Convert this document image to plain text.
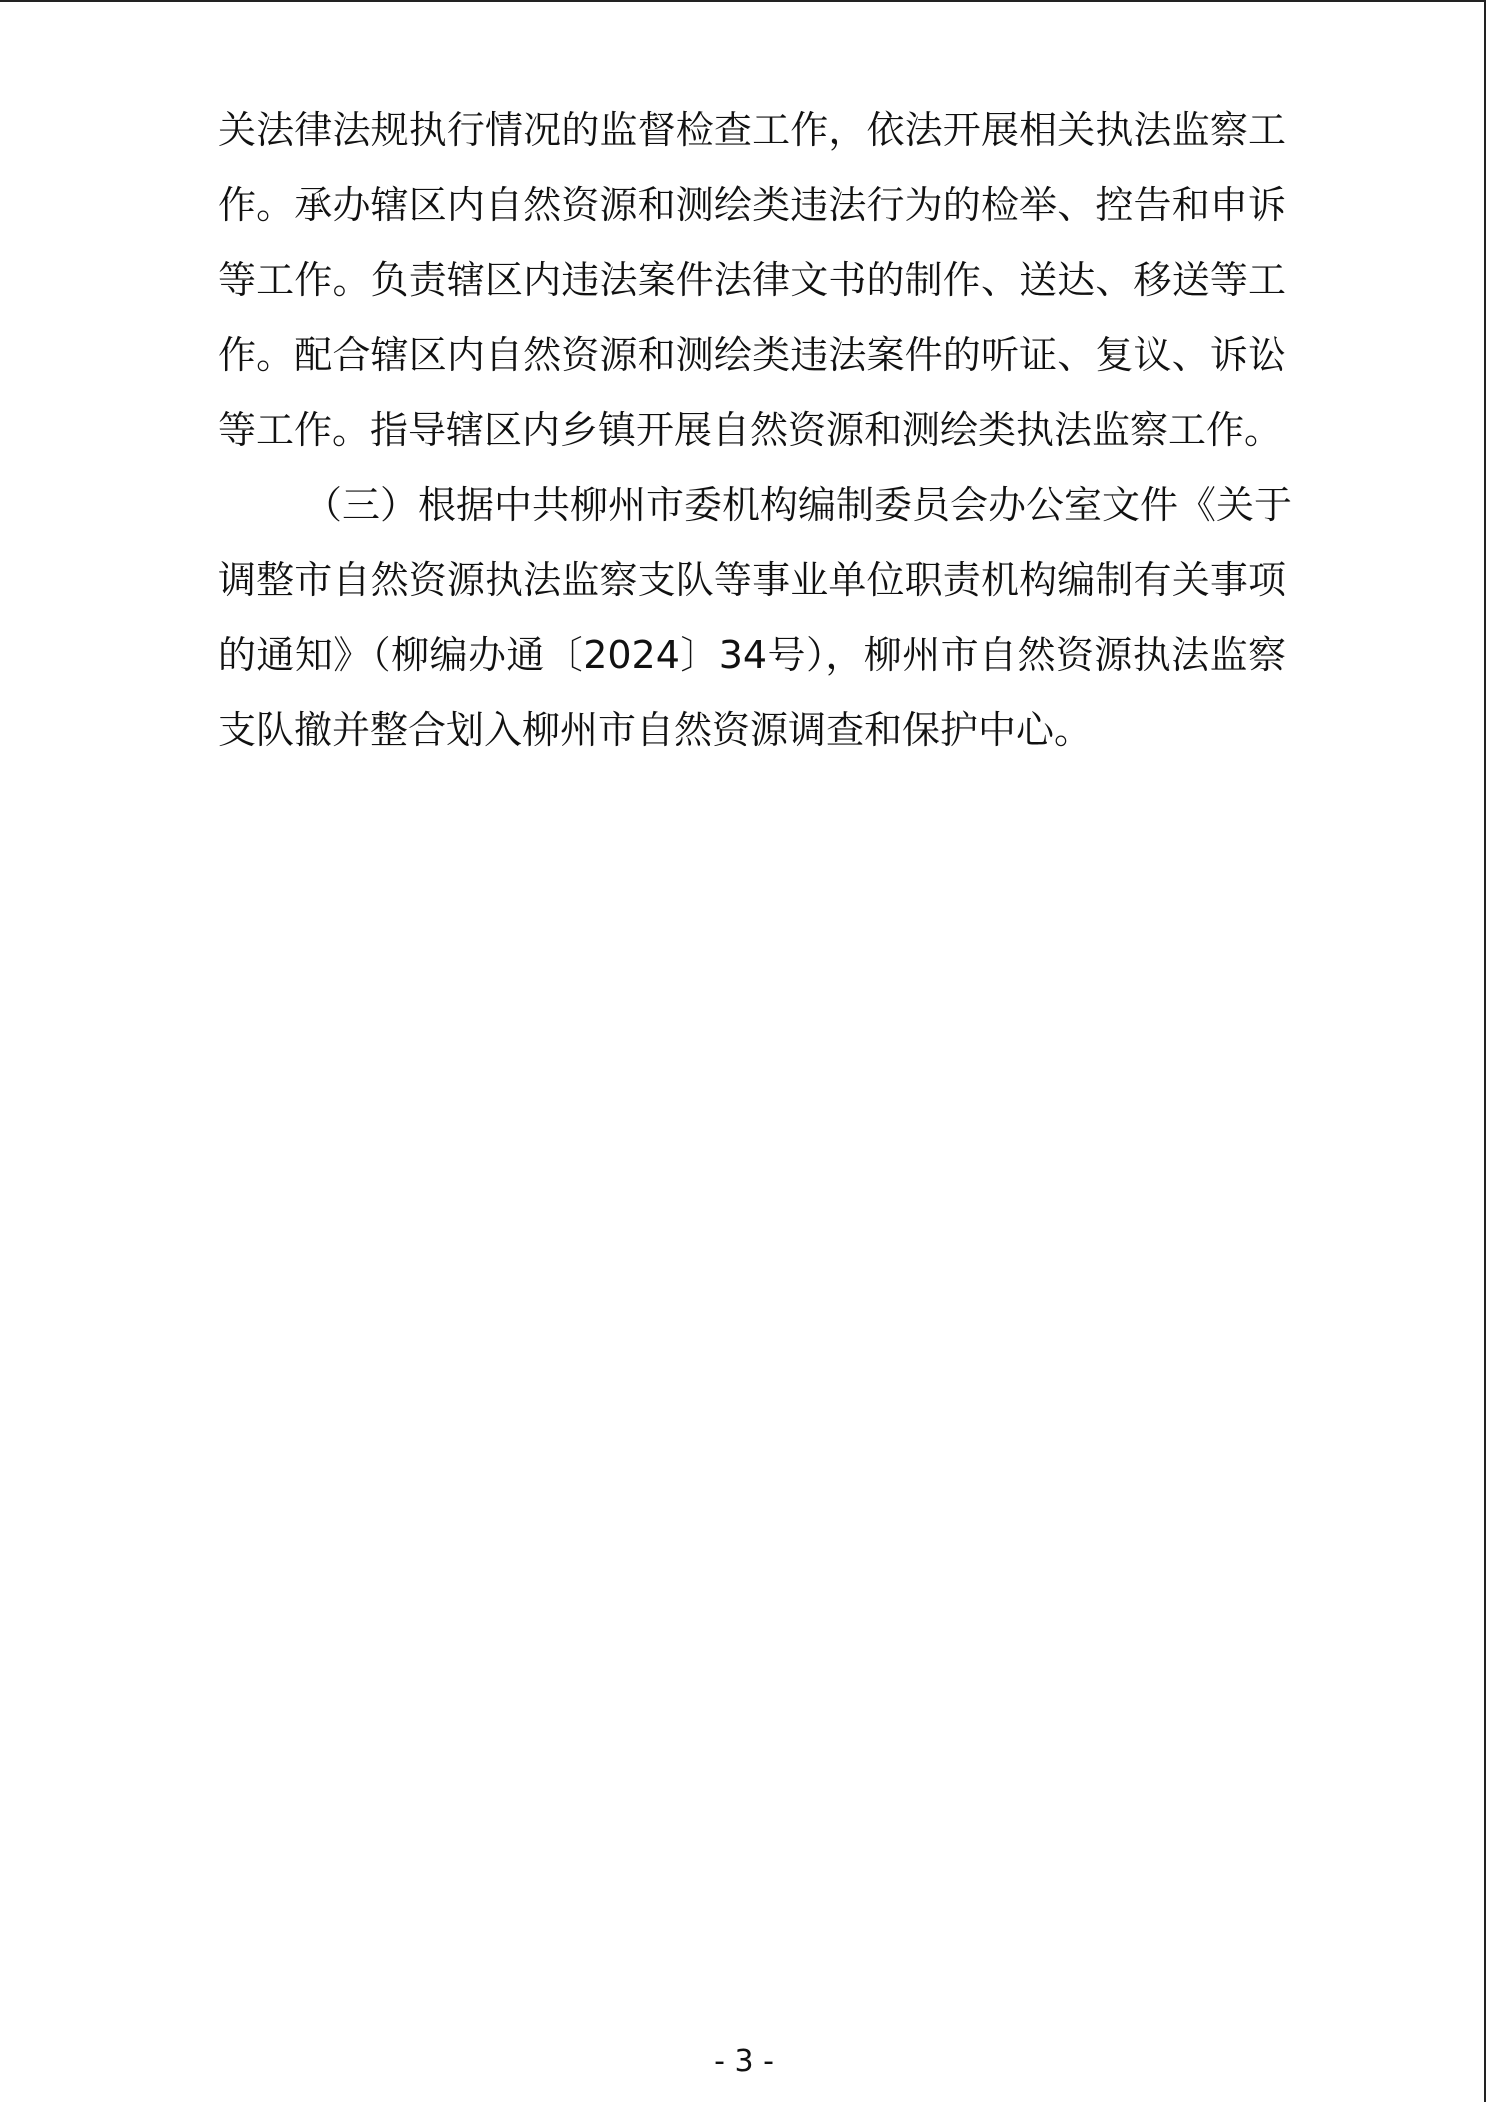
关法律法规执行情况的监督检查工作，依法开展相关执法监察工
作。承办辖区内自然资源和测绘类违法行为的检举、控告和申诉
等工作。负责辖区内违法案件法律文书的制作、送达、移送等工
作。配合辖区内自然资源和测绘类违法案件的听证、复议、诉讼
等工作。指导辖区内乡镇开展自然资源和测绘类执法监察工作。
（三）根据中共柳州市委机构编制委员会办公室文件《关于
调整市自然资源执法监察支队等事业单位职责机构编制有关事项
的通知》（柳编办通〔2024〕34号），柳州市自然资源执法监察
支队撤并整合划入柳州市自然资源调查和保护中心。
- 3 -
